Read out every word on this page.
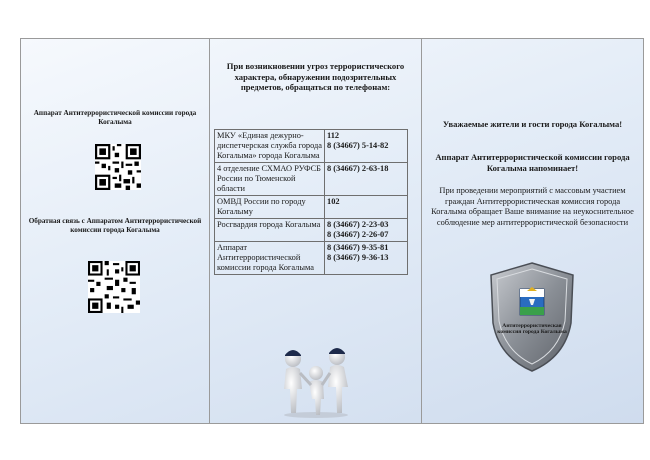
Аппарат Антитеррористической комиссии города Когалыма
Обратная связь с Аппаратом Антитеррористической комиссии города Когалыма
При возникновении угроз террористического характера, обнаружении подозрительных предметов, обращаться по телефонам:
МКУ «Единая дежурно-диспетчерская служба города Когалыма» города Когалыма	112
8 (34667) 5-14-82
4 отделение СХМАО РУФСБ России по Тюменской области	8 (34667) 2-63-18
ОМВД России по городу Когалыму	102
Росгвардия города Когалыма	8 (34667) 2-23-03
8 (34667) 2-26-07
Аппарат Антитеррористической комиссии города Когалыма	8 (34667) 9-35-81
8 (34667) 9-36-13
Уважаемые жители и гости города Когалыма!
Аппарат Антитеррористической комиссии города Когалыма напоминает!
При проведении мероприятий с массовым участием граждан Антитеррористическая комиссия города Когалыма обращает Ваше внимание на неукоснительное соблюдение мер антитеррористической безопасности
Антитеррористическая комиссия города Когалыма
